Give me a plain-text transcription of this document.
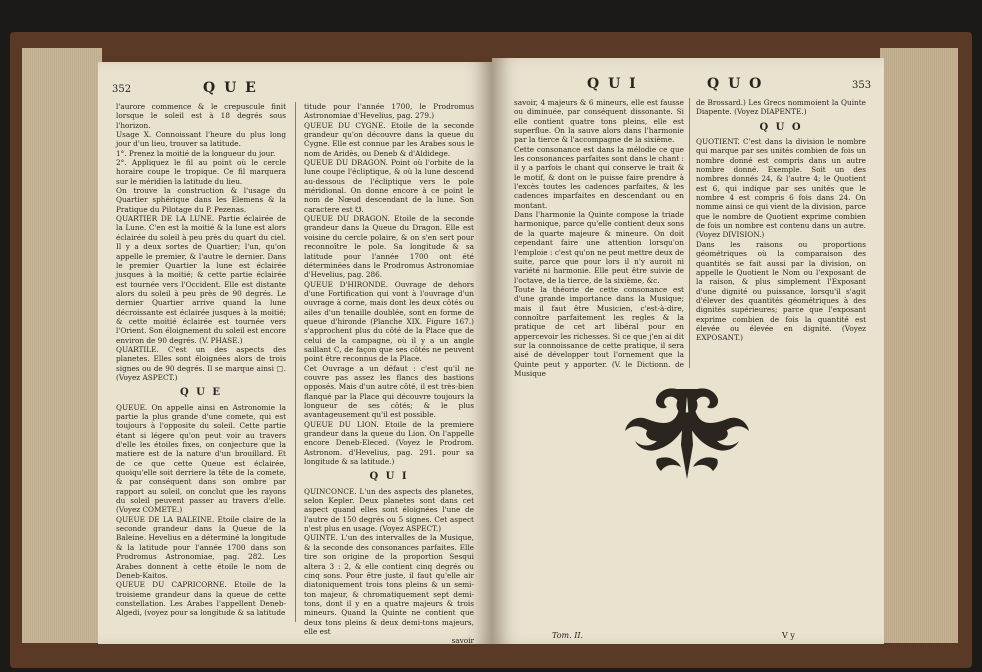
352	Q U E

l'aurore commence & le crepuscule finit lorsque le soleil est à 18 degrés sous l'horizon.

Usage X. Connoissant l'heure du plus long jour d'un lieu, trouver sa latitude.

1°. Prenez la moitié de la longueur du jour.

2°. Appliquez le fil au point où le cercle horaire coupe le tropique. Ce fil marquera sur le méridien la latitude du lieu.

On trouve la construction & l'usage du Quartier sphérique dans les Elemens & la Pratique du Pilotage du P. Pezenas.

QUARTIER DE LA LUNE. Partie éclairée de la Lune. C'en est la moitié & la lune est alors éclairée du soleil à peu près du quart du ciel. Il y a deux sortes de Quartier; l'un, qu'on appelle le premier, & l'autre le dernier. Dans le premier Quartier la lune est éclairée jusques à la moitié; & cette partie éclairée est tournée vers l'Occident. Elle est distante alors du soleil à peu près de 90 degrés. Le dernier Quartier arrive quand la lune décroissante est éclairée jusques à la moitié; & cette moitié éclairée est tournée vers l'Orient. Son éloignement du soleil est encore environ de 90 degrés. (V. PHASE.)

QUARTILE. C'est un des aspects des planetes. Elles sont éloignées alors de trois signes ou de 90 degrés. Il se marque ainsi □. (Voyez ASPECT.)

Q U E

QUEUE. On appelle ainsi en Astronomie la partie la plus grande d'une comete, qui est toujours à l'opposite du soleil. Cette partie étant si légere qu'on peut voir au travers d'elle les étoiles fixes, on conjecture que la matiere est de la nature d'un brouillard. Et de ce que cette Queue est éclairée, quoiqu'elle soit derriere la tête de la comete, & par conséquent dans son ombre par rapport au soleil, on conclut que les rayons du soleil peuvent passer au travers d'elle. (Voyez COMETE.)

QUEUE DE LA BALEINE. Etoile claire de la seconde grandeur dans la Queue de la Baleine. Hevelius en a déterminé la longitude & la latitude pour l'année 1700 dans son Prodromus Astronomiae, pag. 282. Les Arabes donnent à cette étoile le nom de Deneb-Kaitos.

QUEUE DU CAPRICORNE. Etoile de la troisieme grandeur dans la queue de cette constellation. Les Arabes l'appellent Deneb-Algedi, (voyez pour sa longitude & sa latitude

titude pour l'année 1700, le Prodromus Astronomiae d'Hevelius, pag. 279.)

QUEUE DU CYGNE. Etoile de la seconde grandeur qu'on découvre dans la queue du Cygne. Elle est connue par les Arabes sous le nom de Aridès, ou Deneb & d'Aldidege.

QUEUE DU DRAGON. Point où l'orbite de la lune coupe l'écliptique, & où la lune descend au-dessous de l'écliptique vers le pole méridional. On donne encore à ce point le nom de Nœud descendant de la lune. Son caractere est ☋.

QUEUE DU DRAGON. Etoile de la seconde grandeur dans la Queue du Dragon. Elle est voisine du cercle polaire, & on s'en sert pour reconnoître le pole. Sa longitude & sa latitude pour l'année 1700 ont été déterminées dans le Prodromus Astronomiae d'Hevelius, pag. 286.

QUEUE D'HIRONDE. Ouvrage de dehors d'une Fortification qui vont à l'ouvrage d'un ouvrage à corne, mais dont les deux côtés ou ailes d'un tenaille doublée, sont en forme de queue d'hironde (Planche XIX. Figure 167.) s'approchent plus du côté de la Place que de celui de la campagne, où il y a un angle saillant C, de façon que ses côtés ne peuvent point être reconnus de la Place.

Cet Ouvrage a un défaut : c'est qu'il ne couvre pas assez les flancs des bastions opposés. Mais d'un autre côté, il est très-bien flanqué par la Place qui découvre toujours la longueur de ses côtés; & le plus avantageusement qu'il est possible.

QUEUE DU LION. Etoile de la premiere grandeur dans la queue du Lion. On l'appelle encore Deneb-Eleced. (Voyez le Prodrom. Astronom. d'Hevelius, pag. 291. pour sa longitude & sa latitude.)

Q U I

QUINCONCE. L'un des aspects des planetes, selon Kepler. Deux planetes sont dans cet aspect quand elles sont éloignées l'une de l'autre de 150 degrés ou 5 signes. Cet aspect n'est plus en usage. (Voyez ASPECT.)

QUINTE. L'un des intervalles de la Musique, & la seconde des consonances parfaites. Elle tire son origine de la proportion Sesqui altera 3 : 2, & elle contient cinq degrés ou cinq sons. Pour être juste, il faut qu'elle air diatoniquement trois tons pleins & un semi-ton majeur, & chromatiquement sept demi-tons, dont il y en a quatre majeurs & trois mineurs. Quand la Quinte ne contient que deux tons pleins & deux demi-tons majeurs, elle est

savoir

Q U I	Q U O	353

savoir, 4 majeurs & 6 mineurs, elle est fausse ou diminuée, par conséquent dissonante. Si elle contient quatre tons pleins, elle est superflue. On la sauve alors dans l'harmonie par la tierce & l'accompagne de la sixième.

Cette consonance est dans la mélodie ce que les consonances parfaites sont dans le chant : il y a parfois le chant qui conserve le trait & le motif, & dont on le puisse faire prendre à l'excès toutes les cadences parfaites, & les cadences imparfaites en descendant ou en montant.

Dans l'harmonie la Quinte compose la triade harmonique, parce qu'elle contient deux sons de la quarte majeure & mineure. On doit cependant faire une attention lorsqu'on l'emploie : c'est qu'on ne peut mettre deux de suite, parce que pour lors il n'y auroit ni variété ni harmonie. Elle peut être suivie de l'octave, de la tierce, de la sixième, &c.

Toute la théorie de cette consonance est d'une grande importance dans la Musique; mais il faut être Musicien, c'est-à-dire, connoître parfaitement les regles & la pratique de cet art libéral pour en appercevoir les richesses. Si ce que j'en ai dit sur la connoissance de cette pratique, il sera aisé de développer tout l'ornement que la Quinte peut y apporter. (V. le Dictionn. de Musique

de Brossard.) Les Grecs nommoient la Quinte Diapente. (Voyez DIAPENTE.)

Q U O

QUOTIENT. C'est dans la division le nombre qui marque par ses unités combien de fois un nombre donné est compris dans un autre nombre donné. Exemple. Soit un des nombres donnés 24, & l'autre 4; le Quotient est 6, qui indique par ses unités que le nombre 4 est compris 6 fois dans 24. On nomme ainsi ce qui vient de la division, parce que le nombre de Quotient exprime combien de fois un nombre est contenu dans un autre. (Voyez DIVISION.)

Dans les raisons ou proportions géométriques où la comparaison des quantités se fait aussi par la division, on appelle le Quotient le Nom ou l'exposant de la raison, & plus simplement l'Exposant d'une dignité ou puissance, lorsqu'il s'agit d'élever des quantités géométriques à des dignités supérieures; parce que l'exposant exprime combien de fois la quantité est élevée ou élevée en dignité. (Voyez EXPOSANT.)

Tom. II.	V y
